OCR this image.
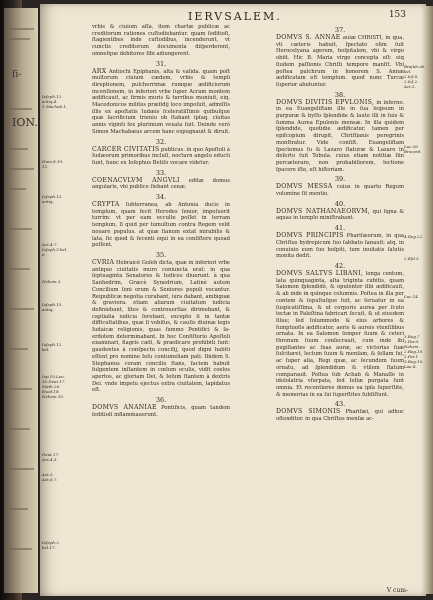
ſi-
ION.
IERVSALEM.	153
Ieſeph.12.
antiq.4.
1.Machab.1.
Num.8.19.
12.
Ioſeph.13.
antiq.
Act.4.7.
Ioſeph.5.bel.
6.
Nehem.3.
Ioſeph.15.
antiq.
Ioſeph.12.
bel.
Iap.10.Leu.
16.Deut.17.
Math.26.
Exod.18.
Nehem.10.
Deut.17.
Act.4.5.
Act.5.
Act.6.7.
Ioſeph.2.
bel.17.

vrbis & ciuium aſſa, item chartæ publicæ ac creditorum rationes cuſtodiebantur. quam ſeditioſi, ſtagientibus inde cuſtodibus, incenderunt, vt cunctis creditorum documenta diſperderent, omneſque debitores ſibi adiungerent.

31.

ARX Antiochi Epiphanis, alta & valida. quam poſt multorum ciuium cædem, vrbis & templi direptionem, pulcherrimæ rumque ædificiorum incenſionem, in inferiori vrbe ſuper Acram montem ædificauit, ac firmis muris & turribus muniuit, eiq. Macedonicos milites præſidij loco impoſuit, admiſſis illis ex apoſtatis Iudæis ſceleratiſſimis quibuſque quæ ſacrificium trienio ob ſtabant ipſaq. ciuitas annis viginti ſex plurimum vexata ſuit. Deinde verò Simon Machabæus arcem hanc expugnauit & diruit.

32.

CARCER CIVITATIS publicus. in quo Apoſtoli à Iudæorum primoribus incluſi, nocturn angelo educti ſunt, hunc ex Ioſephus Betiſo vocare videtur.

33.

COENACVLVM ANGVLI editæ domus angularis, vbi publice ſiebant cenæ.

34.

CRYPTA ſubterranea, ab Antonia ducis in templum, quam fecit Herodes ſenior, impoſuerit turrim: vt per eam occulte poſſet in terram templum, ſi quid per tumultum contra Regem velit nouare populus. at quæ ſianum extat mirabilis & lata, ſic quod & ſecenti equi in ea conſiſtere quoad poſſent.

35.

CVRIA Hebraicè Goſeh dicta, quæ in inferiori vrbe antiquo ciuitatis muro coniuncta erat: in qua ſeptuaginta Senatores & Iudices diuerunt. à qua Sanhedrim, Græcè Synedrium, Latinè autem Concilium ſeni orum & Seniores populi vocantur. Reipublicæ negotia curabant, iura dabant, ambiguæ & graviora. etiam aliarum ciuitatum iudicia definiebant, lites & controuerſias dirimebant, & captialia iudicia ſerebant, excepto ſi in tantæ difficultatibus, quæ ſi vobiſus, & cauſis diuinæ legis Iudaicæ religionis, quas ſummo Pontifici & ſa- erdotem determinabant. In hoc Conſiſtorio Apoſtoli examinari, flagris cæſi, & prædicare prohibiti ſunt: gaudentes à conſpectu concilij, quod digni habiti eſſent pro nomine Ieſu contumeliam pati. Ibidem S. Stephanus coram concilio ſtans, faciem habuit fulgentem inſtantem in cœlum oculis, vidit coelos apertos, ac gloriam Dei, & Ieſum ſtantem à dextris Dei. vnde impetu ejectus extra ciuitatem, lapidatus eſt.

36.

DOMVS ANANIAE Pontificis, quam tandem ſeditioſi inflammauerunt.

37.

DOMVS S. ANNAE auiæ CHRISTI, in qua, vti cæteris habuit, ſpectato olim ſuit Herocelyana agerem, hoſpitalem, vbi & virgo obiit. Hic B. Maria virgo concepta eſt: eiq ſiudem paſſionis Chriſti tempore manſit. Vbi poſtea pulchrum in honorem S. Annæ ædificatum eſt templum. quod nunc Turcæ ſuperior abutuntur.

38.

DOMVS DIVITIS EPVLONIS, in inferno. in ea Euangeliſtam ille in ſua ſeipsum in purpuræ & byſſo ſplendide & laute illi in ſuis & ſumma Aurea Epulonis mensæ. In illa quidem ſplendide, quotidie ædificatur, tamen per epiſcopium dirupit, Chriſtianis peregrinis monſtratur. Vide conſiſt. Euangeliſtam ſpectemus ſu & Lazaro ſtaturæ & Lazaro in deſerto ſuit Tobula. cuius etiam notitiæ ſiin percæterare, non probabiliorem, lectione ſpacere iſte, eſt hiſtoriam.

39.

DOMVS MESSA cuius in quarto Regum volumine ſit mentio.

40.

DOMVS NATHANAEORVM, qui ligna & aquas in templo miniſtrabant.

41.

DOMVS PRINCIPIS Phariſæorum, in qua Chriſtus hydropicum ſuo ſabbato ſanauit: atq. in conuiuio eum ſuo hoſpiti, tum inuitatis ſalutis monita dedit.

42.

DOMVS SALTVS LIBANI, longa centum, lata quinquaginta, alta triginta cubitis, quam Salomon ſplendidè, & opulenter ſibi ædificauit, & ab inde in quinque columnis. Poſtea in illa per contem & ſepultuſque ſuit, ac ſeruatur in ea ſuspicatiſſima, & ut corporis aurea per ſcuto tectæ in Paleſtina fabricari ſecuit, & ut eiusdem ſilue; ſed ſolummodo & eius arbores & ſumptuoſis ædificatur, aeris & aureis vtenſilibus ornata. In ea Salomon ſemper ſuum & ceteri thronum ſuum conſecrauit, cum inde ibi pugillantes ac ſuas auræ, ac victorias ſuæ ſuſcitaret, lectum ſuum & menſam, & ſellam ſui, ac ſuper alia, Regi quæ, ac ſecundum ſuum ornatu, ad ſplendidum & vtilem ſtatum comparauit. Poſtea ſub Achab & Manaſſe in idololatria vſurpata, ſed Ioſiæ purgata ſunt omnia. Et recentiores domus ea ipſa ſuperſtite, & memorias in ea ſui ſuperſtites ſubſiſtunt.

43.

DOMVS SIMONIS Phariſæi, qui adhuc oſtenditur. in qua Chriſtus menſæ ac-

Braſub.ob.
bel.
2.Ioſ.8.
2.Ioſ.2.
Act.5.
Luc.16.
Brocard.
4.Reg.22.
2.Eſd.3.
Luc.14.
3.Reg.7.
2.Par.9.
Nehem.
2.Reg.10.
2.Par.1.
3.Reg.10.
Lau.8.
V cum-
